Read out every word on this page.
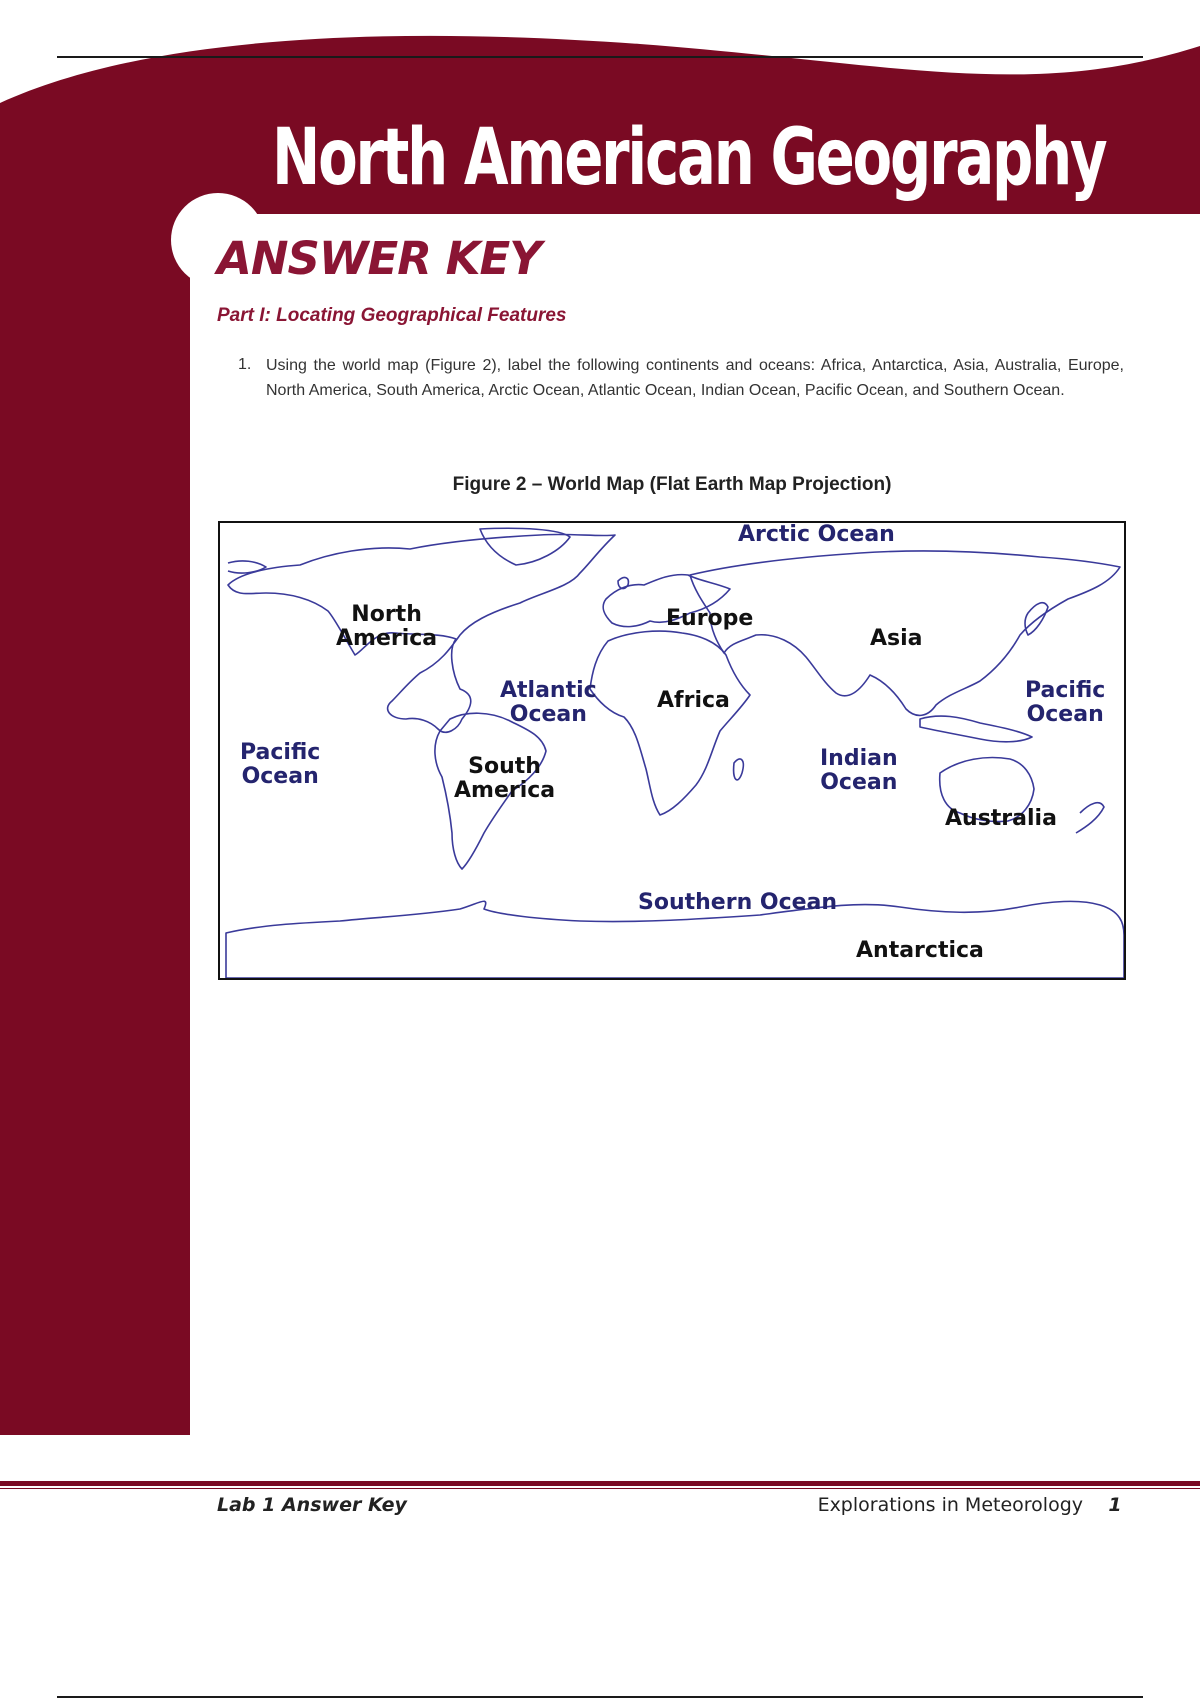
North American Geography
ANSWER KEY
Part I: Locating Geographical Features
1. Using the world map (Figure 2), label the following continents and oceans: Africa, Antarctica, Asia, Australia, Europe, North America, South America, Arctic Ocean, Atlantic Ocean, Indian Ocean, Pacific Ocean, and Southern Ocean.
Figure 2 – World Map (Flat Earth Map Projection)
Arctic Ocean
North
America
Europe
Asia
Atlantic
Ocean
Africa	Pacific
Ocean
Pacific
Ocean	South
America
Indian
Ocean
Australia
Southern Ocean
Antarctica
Lab 1 Answer Key	Explorations in Meteorology	1
